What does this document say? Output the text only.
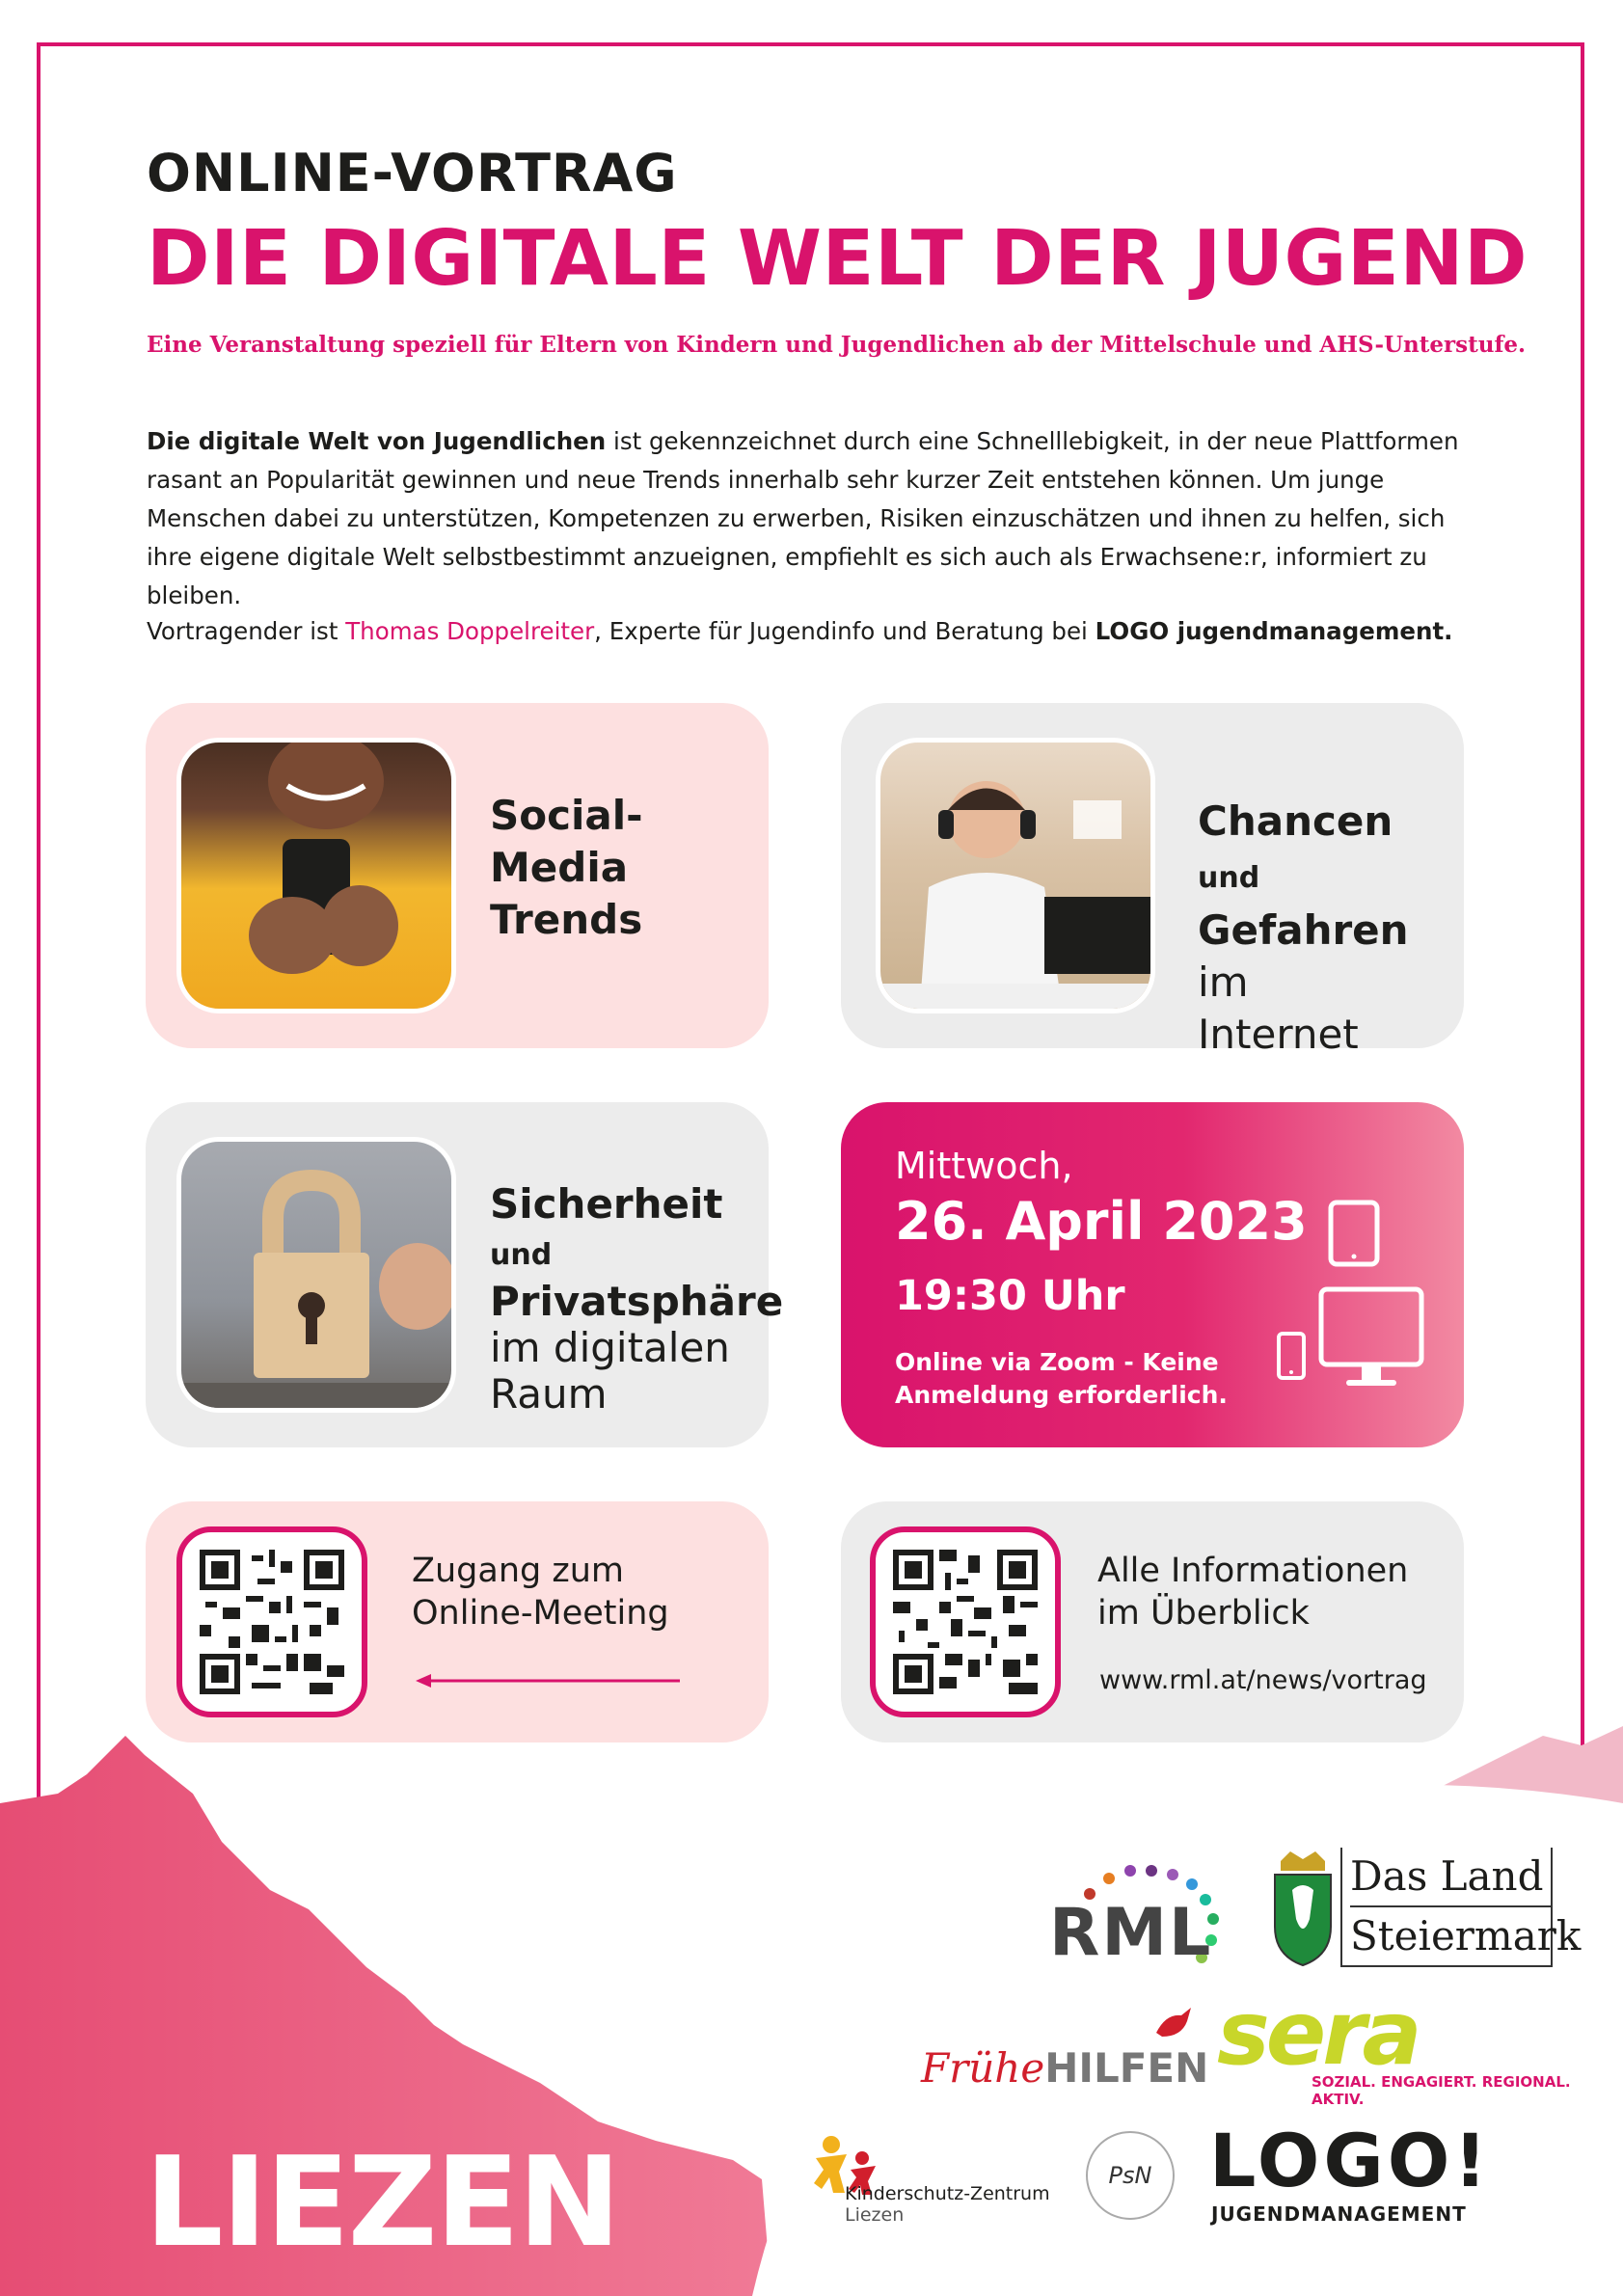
ONLINE-VORTRAG
DIE DIGITALE WELT DER JUGEND
Eine Veranstaltung speziell für Eltern von Kindern und Jugendlichen ab der Mittelschule und AHS-Unterstufe.
Die digitale Welt von Jugendlichen ist gekennzeichnet durch eine Schnelllebigkeit, in der neue Plattformen rasant an Popularität gewinnen und neue Trends innerhalb sehr kurzer Zeit entstehen können. Um junge Menschen dabei zu unterstützen, Kompetenzen zu erwerben, Risiken einzuschätzen und ihnen zu helfen, sich ihre eigene digitale Welt selbstbestimmt anzueignen, empfiehlt es sich auch als Erwachsene:r, informiert zu bleiben.
Vortragender ist Thomas Doppelreiter, Experte für Jugendinfo und Beratung bei LOGO jugendmanagement.
Social-
Media
Trends
Chancen und
Gefahren im
Internet
Sicherheit und
Privatsphäre
im digitalen
Raum
Mittwoch,
26. April 2023
19:30 Uhr
Online via Zoom - Keine
Anmeldung erforderlich.
Zugang zum
Online-Meeting
Alle Informationen
im Überblick
www.rml.at/news/vortrag
LIEZEN
RML
Das Land
Steiermark
FrüheHILFEN sera
SOZIAL. ENGAGIERT. REGIONAL. AKTIV.
Kinderschutz-Zentrum
Liezen
PsN LOGO!
JUGENDMANAGEMENT
